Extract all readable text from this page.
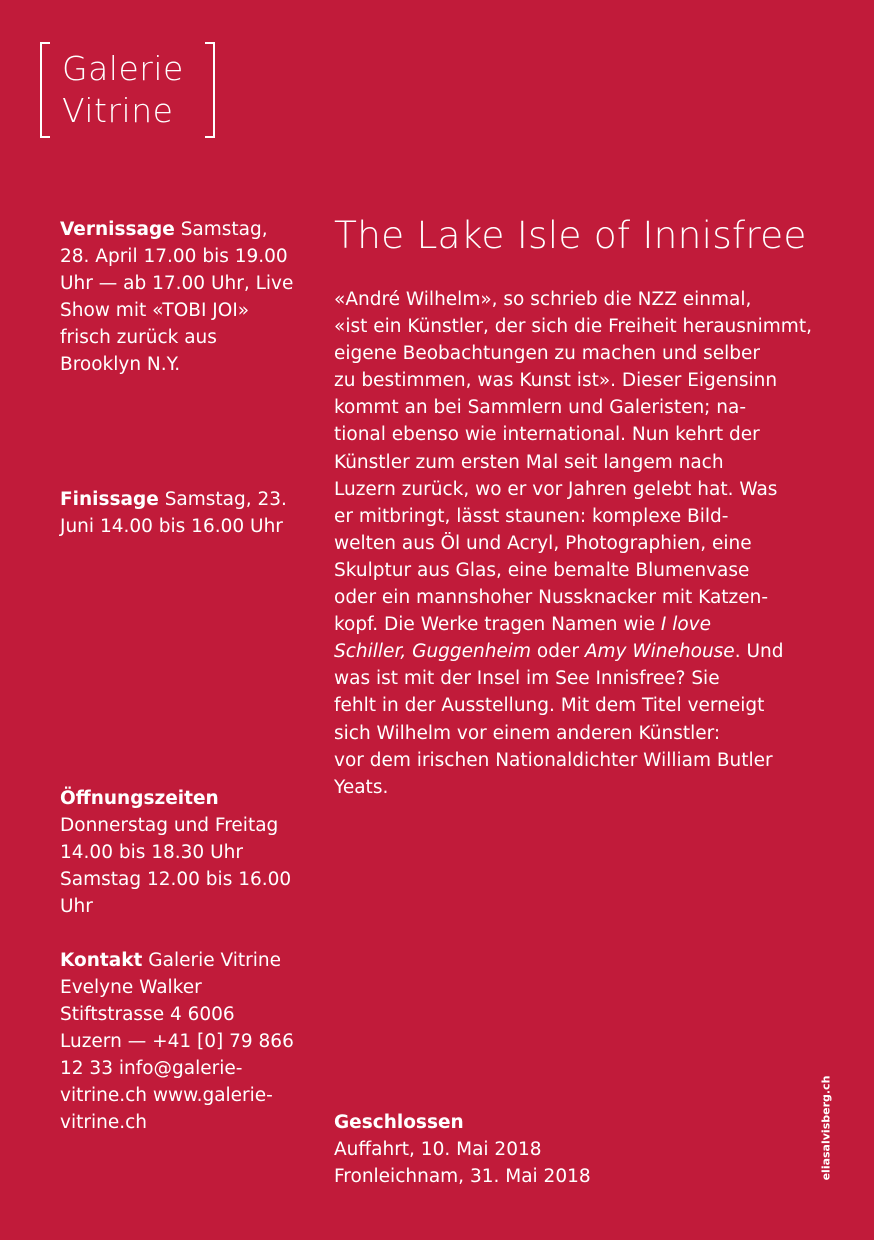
Galerie
Vitrine
Vernissage Samstag, 28. April 17.00 bis 19.00 Uhr — ab 17.00 Uhr, Live Show mit «TOBI JOI» frisch zurück aus Brooklyn N.Y.
Finissage Samstag, 23. Juni 14.00 bis 16.00 Uhr
Öffnungszeiten Donnerstag und Freitag 14.00 bis 18.30 Uhr Samstag 12.00 bis 16.00 Uhr
Kontakt Galerie Vitrine Evelyne Walker Stiftstrasse 4 6006 Luzern — +41 [0] 79 866 12 33 info@galerie-vitrine.ch www.galerie-vitrine.ch
The Lake Isle of Innisfree
«André Wilhelm», so schrieb die NZZ einmal,
«ist ein Künstler, der sich die Freiheit herausnimmt,
eigene Beobachtungen zu machen und selber
zu bestimmen, was Kunst ist». Dieser Eigensinn
kommt an bei Sammlern und Galeristen; na-
tional ebenso wie international. Nun kehrt der
Künstler zum ersten Mal seit langem nach
Luzern zurück, wo er vor Jahren gelebt hat. Was
er mitbringt, lässt staunen: komplexe Bild-
welten aus Öl und Acryl, Photographien, eine
Skulptur aus Glas, eine bemalte Blumenvase
oder ein mannshoher Nussknacker mit Katzen-
kopf. Die Werke tragen Namen wie I love
Schiller, Guggenheim oder Amy Winehouse. Und
was ist mit der Insel im See Innisfree? Sie
fehlt in der Ausstellung. Mit dem Titel verneigt
sich Wilhelm vor einem anderen Künstler:
vor dem irischen Nationaldichter William Butler
Yeats.
Geschlossen
Auffahrt, 10. Mai 2018
Fronleichnam, 31. Mai 2018	eliasalvisberg.ch
